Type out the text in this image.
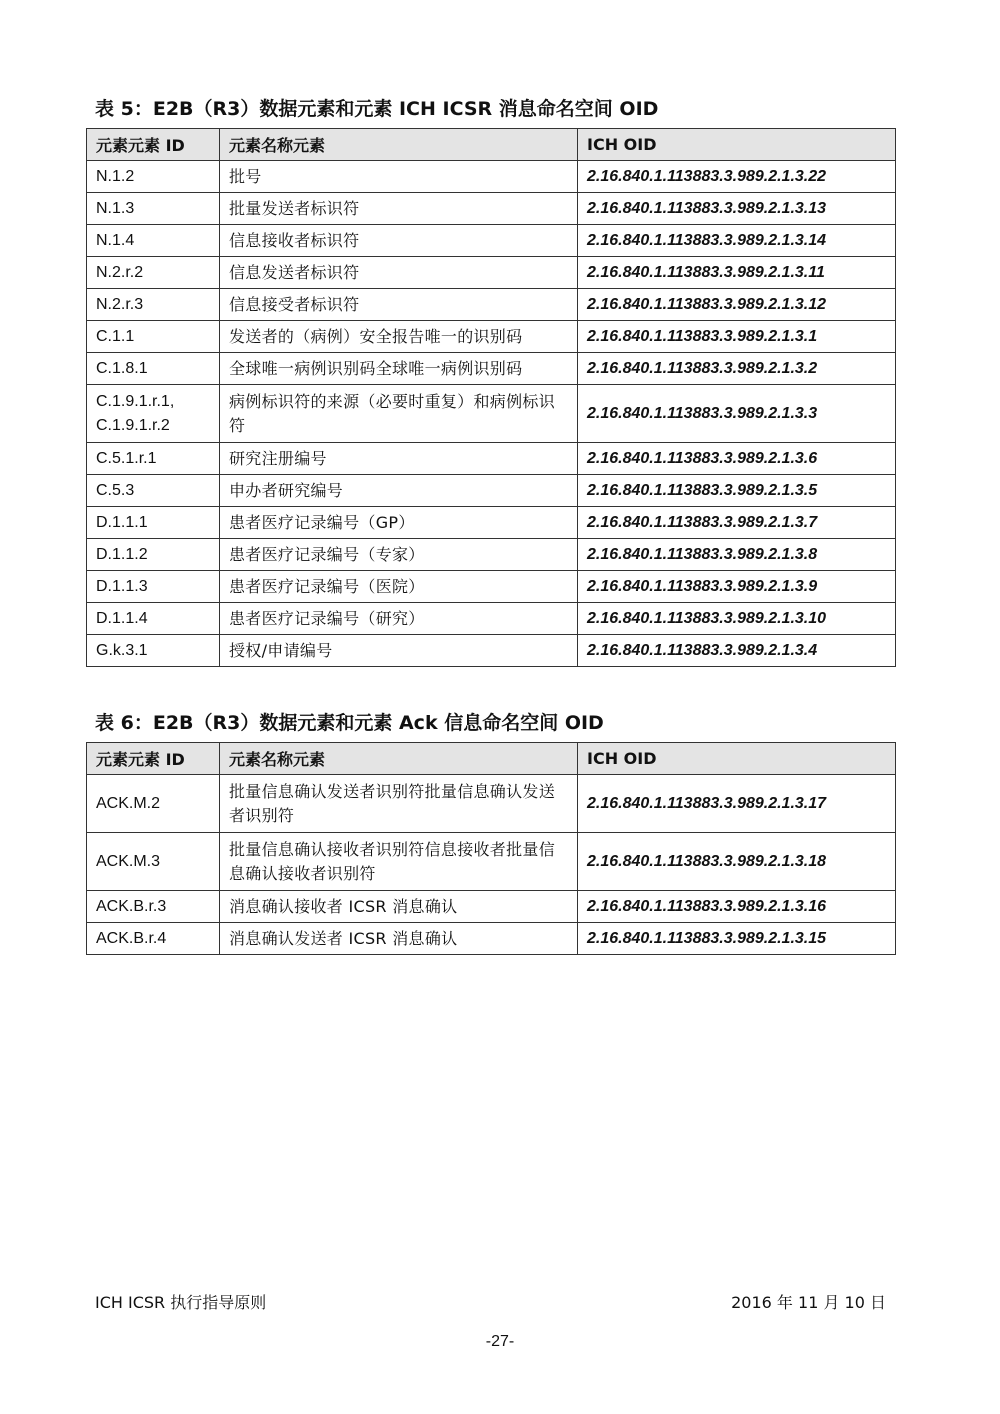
表 5：E2B（R3）数据元素和元素 ICH ICSR 消息命名空间 OID
元素元素 ID	元素名称元素	ICH OID
N.1.2	批号	2.16.840.1.113883.3.989.2.1.3.22
N.1.3	批量发送者标识符	2.16.840.1.113883.3.989.2.1.3.13
N.1.4	信息接收者标识符	2.16.840.1.113883.3.989.2.1.3.14
N.2.r.2	信息发送者标识符	2.16.840.1.113883.3.989.2.1.3.11
N.2.r.3	信息接受者标识符	2.16.840.1.113883.3.989.2.1.3.12
C.1.1	发送者的（病例）安全报告唯一的识别码	2.16.840.1.113883.3.989.2.1.3.1
C.1.8.1	全球唯一病例识别码全球唯一病例识别码	2.16.840.1.113883.3.989.2.1.3.2
C.1.9.1.r.1, C.1.9.1.r.2	病例标识符的来源（必要时重复）和病例标识符	2.16.840.1.113883.3.989.2.1.3.3
C.5.1.r.1	研究注册编号	2.16.840.1.113883.3.989.2.1.3.6
C.5.3	申办者研究编号	2.16.840.1.113883.3.989.2.1.3.5
D.1.1.1	患者医疗记录编号（GP）	2.16.840.1.113883.3.989.2.1.3.7
D.1.1.2	患者医疗记录编号（专家）	2.16.840.1.113883.3.989.2.1.3.8
D.1.1.3	患者医疗记录编号（医院）	2.16.840.1.113883.3.989.2.1.3.9
D.1.1.4	患者医疗记录编号（研究）	2.16.840.1.113883.3.989.2.1.3.10
G.k.3.1	授权/申请编号	2.16.840.1.113883.3.989.2.1.3.4
表 6：E2B（R3）数据元素和元素 Ack 信息命名空间 OID
元素元素 ID	元素名称元素	ICH OID
ACK.M.2	批量信息确认发送者识别符批量信息确认发送者识别符	2.16.840.1.113883.3.989.2.1.3.17
ACK.M.3	批量信息确认接收者识别符信息接收者批量信息确认接收者识别符	2.16.840.1.113883.3.989.2.1.3.18
ACK.B.r.3	消息确认接收者 ICSR 消息确认	2.16.840.1.113883.3.989.2.1.3.16
ACK.B.r.4	消息确认发送者 ICSR 消息确认	2.16.840.1.113883.3.989.2.1.3.15
ICH ICSR 执行指导原则	2016 年 11 月 10 日
-27-
